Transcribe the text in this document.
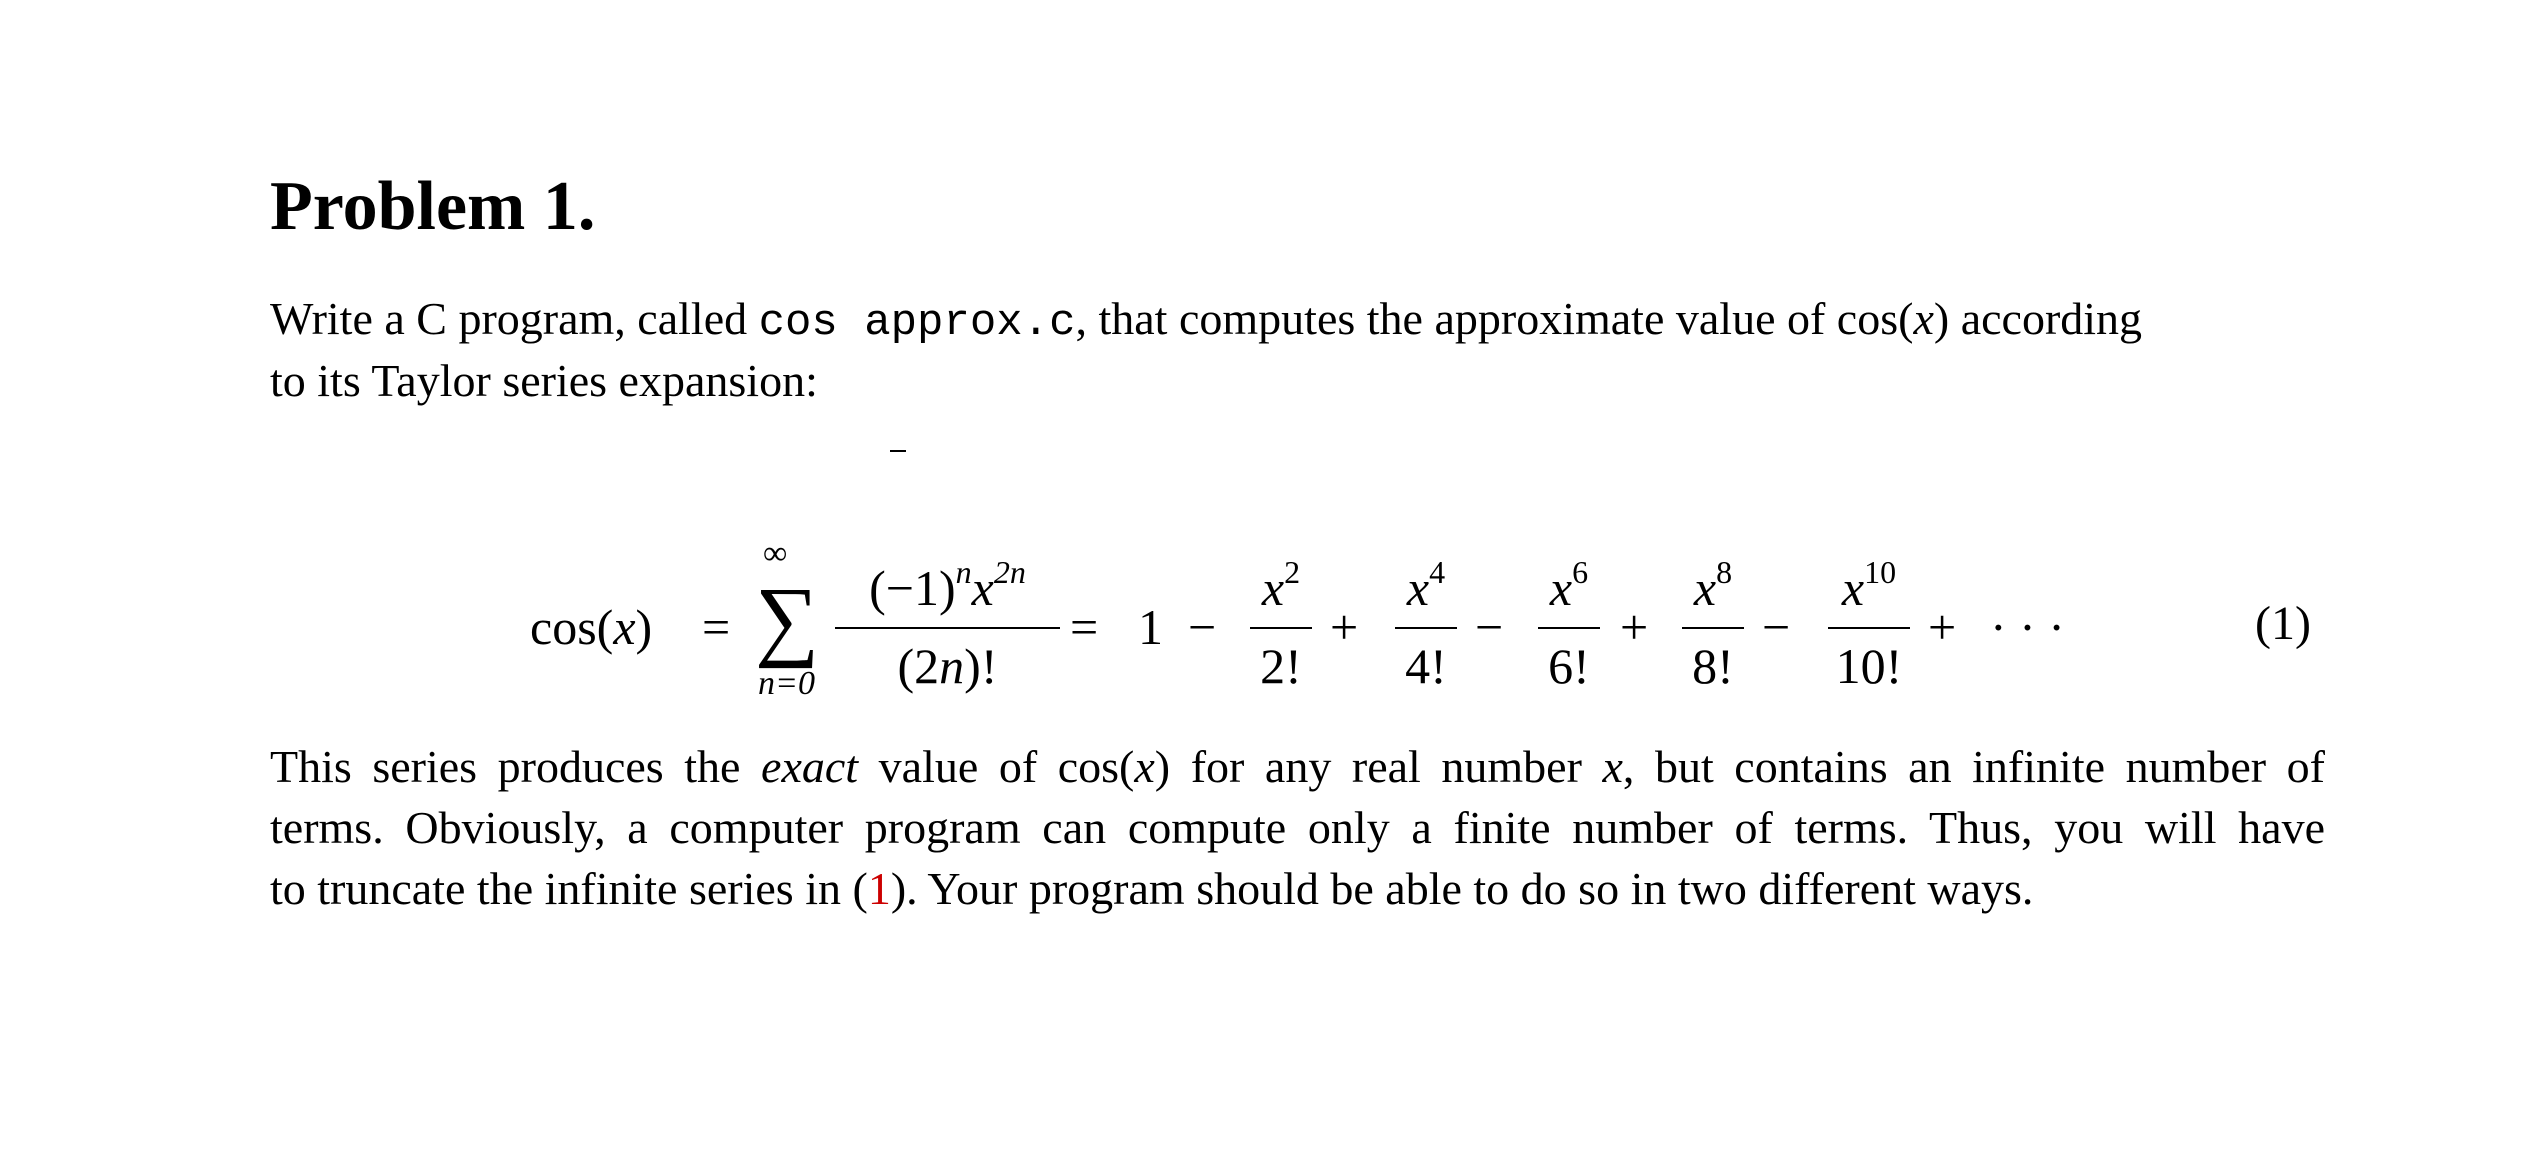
Problem 1.
Write a C program, called cos approx.c, that computes the approximate value of cos(x) according
to its Taylor series expansion:
cos(x) =
∞
∑
n=0
$(-1)^nx^{2n}$
(2n)!
= 1 −
$x^2$
2!
+
$x^4$
4!
−
$x^6$
6!
+
$x^8$
8!
−
$x^{10}$
10!
+ · · ·	(1)
This series produces the exact value of cos(x) for any real number x, but contains an infinite number of
terms. Obviously, a computer program can compute only a finite number of terms. Thus, you will have
to truncate the infinite series in (1). Your program should be able to do so in two different ways.
